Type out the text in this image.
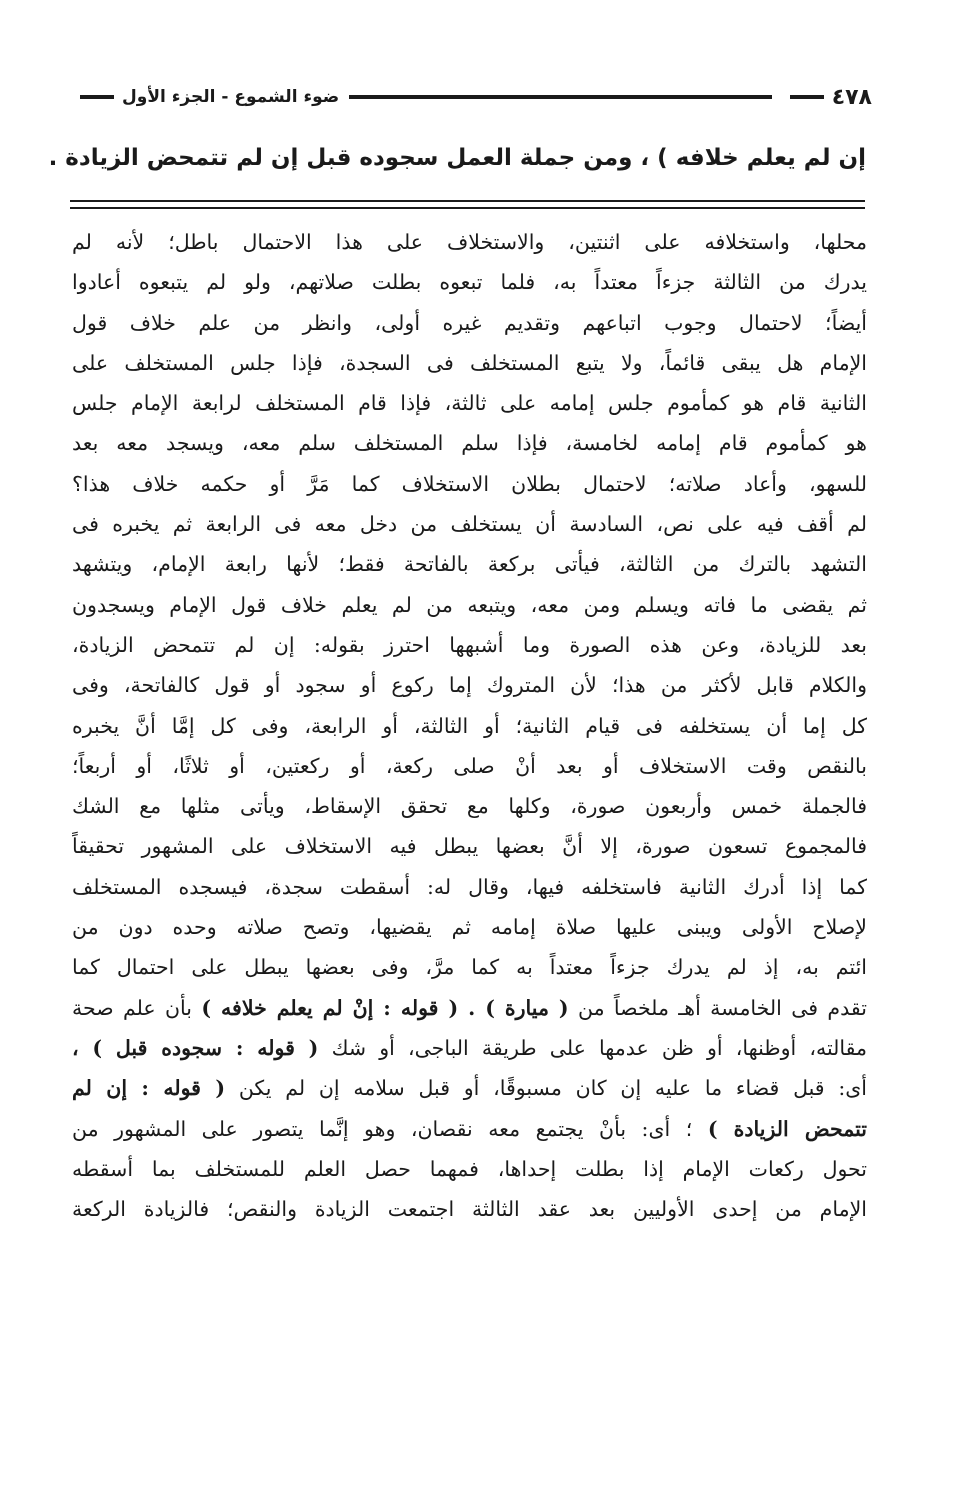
٤٧٨
ضوء الشموع - الجزء الأول
إن لم يعلم خلافه ) ، ومن جملة العمل سجوده قبل إن لم تتمحض الزيادة .
محلها، واستخلافه على اثنتين، والاستخلاف على هذا الاحتمال باطل؛ لأنه لم
يدرك من الثالثة جزءاً معتداً به، فلما تبعوه بطلت صلاتهم، ولو لم يتبعوه أعادوا
أيضاً؛ لاحتمال وجوب اتباعهم وتقديم غيره أولى، وانظر من علم خلاف قول
الإمام هل يبقى قائماً، ولا يتبع المستخلف فى السجدة، فإذا جلس المستخلف على
الثانية قام هو كمأموم جلس إمامه على ثالثة، فإذا قام المستخلف لرابعة الإمام جلس
هو كمأموم قام إمامه لخامسة، فإذا سلم المستخلف سلم معه، ويسجد معه بعد
للسهو، وأعاد صلاته؛ لاحتمال بطلان الاستخلاف كما مَرَّ أو حكمه خلاف هذا؟
لم أقف فيه على نص، السادسة أن يستخلف من دخل معه فى الرابعة ثم يخبره فى
التشهد بالترك من الثالثة، فيأتى بركعة بالفاتحة فقط؛ لأنها رابعة الإمام، ويتشهد
ثم يقضى ما فاته ويسلم ومن معه، ويتبعه من لم يعلم خلاف قول الإمام ويسجدون
بعد للزيادة، وعن هذه الصورة وما أشبهها احترز بقوله: إن لم تتمحض الزيادة،
والكلام قابل لأكثر من هذا؛ لأن المتروك إما ركوع أو سجود أو قول كالفاتحة، وفى
كل إما أن يستخلفه فى قيام الثانية؛ أو الثالثة، أو الرابعة، وفى كل إمَّا أنَّ يخبره
بالنقص وقت الاستخلاف أو بعد أنْ صلى ركعة، أو ركعتين، أو ثلاثًا، أو أربعاً؛
فالجملة خمس وأربعون صورة، وكلها مع تحقق الإسقاط، ويأتى مثلها مع الشك
فالمجموع تسعون صورة، إلا أنَّ بعضها يبطل فيه الاستخلاف على المشهور تحقيقاً
كما إذا أدرك الثانية فاستخلفه فيها، وقال له: أسقطت سجدة، فيسجده المستخلف
لإصلاح الأولى ويبنى عليها صلاة إمامه ثم يقضيها، وتصح صلاته وحده دون من
ائتم به، إذ لم يدرك جزءاً معتداً به كما مرَّ، وفى بعضها يبطل على احتمال كما
تقدم فى الخامسة أهـ ملخصاً من ( ميارة ) . ( قوله : إنْ لم يعلم خلافه ) بأن علم صحة
مقالته، أوظنها، أو ظن عدمها على طريقة الباجى، أو شك ( قوله : سجوده قبل ) ،
أى: قبل قضاء ما عليه إن كان مسبوقًا، أو قبل سلامه إن لم يكن ( قوله : إن لم
تتمحض الزيادة ) ؛ أى: بأنْ يجتمع معه نقصان، وهو إنَّما يتصور على المشهور من
تحول ركعات الإمام إذا بطلت إحداها، فمهما حصل العلم للمستخلف بما أسقطه
الإمام من إحدى الأوليين بعد عقد الثالثة اجتمعت الزيادة والنقص؛ فالزيادة الركعة
